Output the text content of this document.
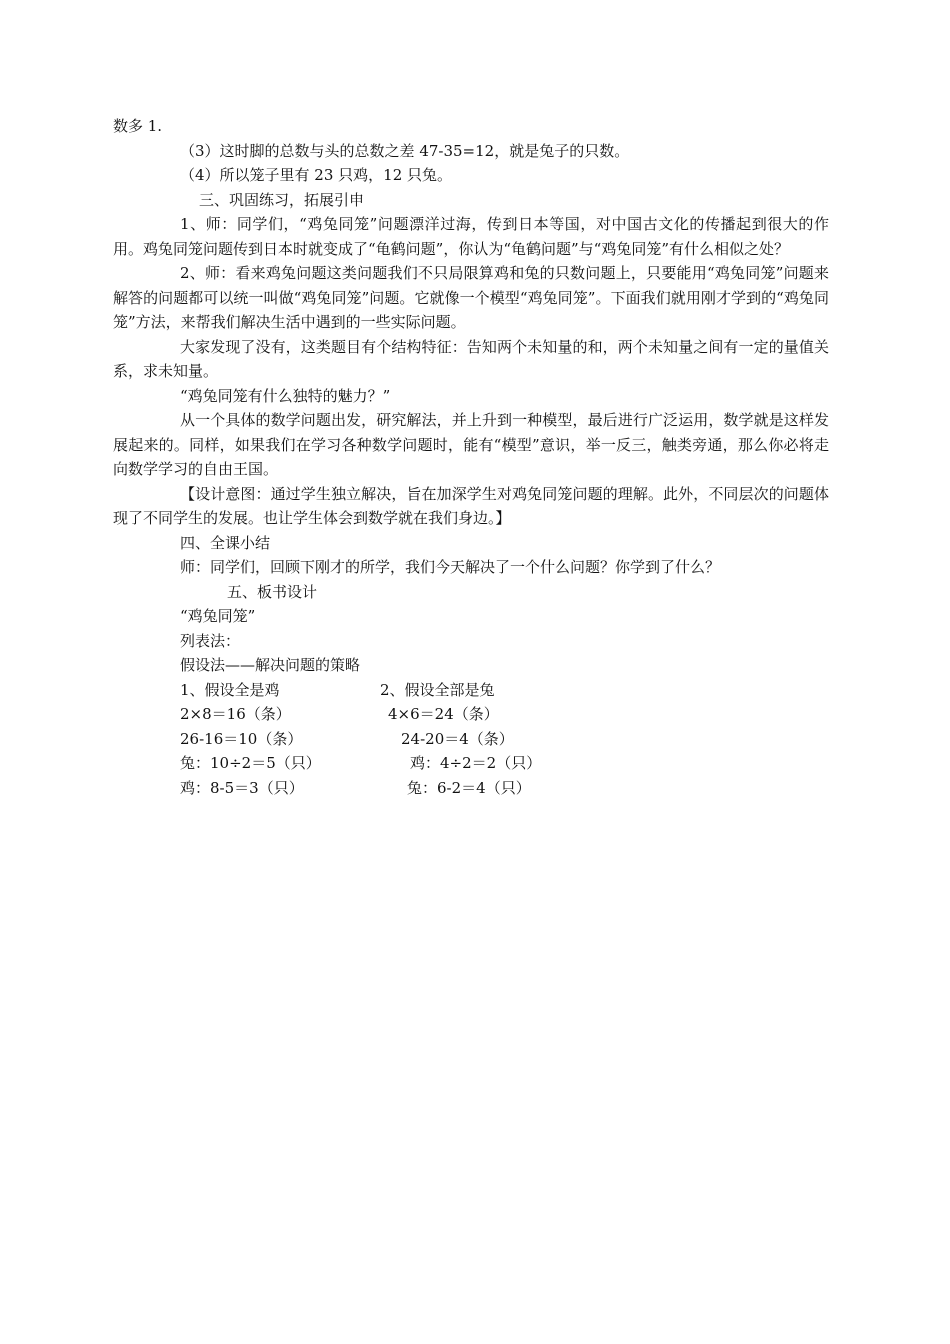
数多 1.

（3）这时脚的总数与头的总数之差 47-35=12，就是兔子的只数。

（4）所以笼子里有 23 只鸡，12 只兔。

三、巩固练习，拓展引申

1、师：同学们，“鸡兔同笼”问题漂洋过海，传到日本等国，对中国古文化的传播起到很大的作用。鸡兔同笼问题传到日本时就变成了“龟鹤问题”，你认为“龟鹤问题”与“鸡兔同笼”有什么相似之处？

2、师：看来鸡兔问题这类问题我们不只局限算鸡和兔的只数问题上，只要能用“鸡兔同笼”问题来解答的问题都可以统一叫做“鸡兔同笼”问题。它就像一个模型“鸡兔同笼”。下面我们就用刚才学到的“鸡兔同笼”方法，来帮我们解决生活中遇到的一些实际问题。

大家发现了没有，这类题目有个结构特征：告知两个未知量的和，两个未知量之间有一定的量值关系，求未知量。

“鸡兔同笼有什么独特的魅力？”

从一个具体的数学问题出发，研究解法，并上升到一种模型，最后进行广泛运用，数学就是这样发展起来的。同样，如果我们在学习各种数学问题时，能有“模型”意识，举一反三，触类旁通，那么你必将走向数学学习的自由王国。

【设计意图：通过学生独立解决，旨在加深学生对鸡兔同笼问题的理解。此外，不同层次的问题体现了不同学生的发展。也让学生体会到数学就在我们身边。】

四、全课小结

师：同学们，回顾下刚才的所学，我们今天解决了一个什么问题？你学到了什么？

五、板书设计

“鸡兔同笼”

列表法：

假设法——解决问题的策略

1、假设全是鸡	2、假设全部是兔
2×8＝16（条）	4×6＝24（条）
26-16＝10（条）	24-20＝4（条）
兔：10÷2＝5（只）	鸡：4÷2＝2（只）
鸡：8-5＝3（只）	兔：6-2＝4（只）
